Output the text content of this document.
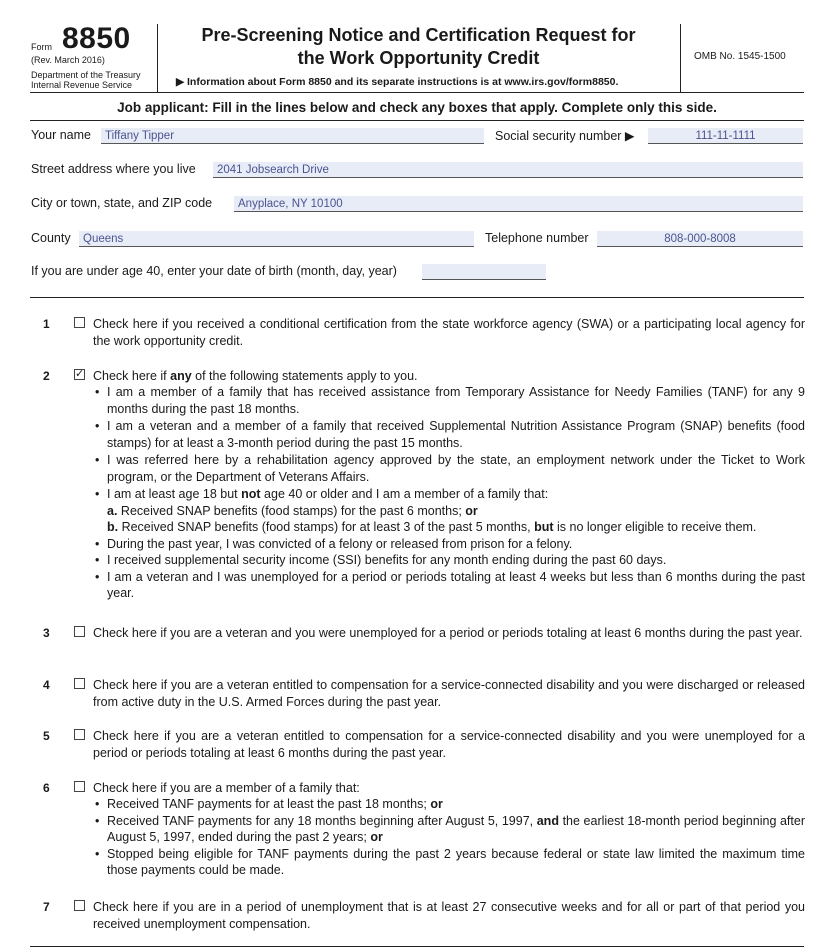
Form 8850
(Rev. March 2016)
Department of the Treasury
Internal Revenue Service
Pre-Screening Notice and Certification Request for
the Work Opportunity Credit
▶ Information about Form 8850 and its separate instructions is at www.irs.gov/form8850.
OMB No. 1545-1500
Job applicant: Fill in the lines below and check any boxes that apply. Complete only this side.
Your name	Tiffany Tipper	Social security number ▶	111-11-1111
Street address where you live	2041 Jobsearch Drive
City or town, state, and ZIP code	Anyplace, NY 10100
County	Queens	Telephone number	808-000-8008
If you are under age 40, enter your date of birth (month, day, year)
1	Check here if you received a conditional certification from the state workforce agency (SWA) or a participating local agency for the work opportunity credit.
2 ✓ Check here if any of the following statements apply to you.
• I am a member of a family that has received assistance from Temporary Assistance for Needy Families (TANF) for any 9 months during the past 18 months.
• I am a veteran and a member of a family that received Supplemental Nutrition Assistance Program (SNAP) benefits (food stamps) for at least a 3-month period during the past 15 months.
• I was referred here by a rehabilitation agency approved by the state, an employment network under the Ticket to Work program, or the Department of Veterans Affairs.
• I am at least age 18 but not age 40 or older and I am a member of a family that:
a. Received SNAP benefits (food stamps) for the past 6 months; or
b. Received SNAP benefits (food stamps) for at least 3 of the past 5 months, but is no longer eligible to receive them.
• During the past year, I was convicted of a felony or released from prison for a felony.
• I received supplemental security income (SSI) benefits for any month ending during the past 60 days.
• I am a veteran and I was unemployed for a period or periods totaling at least 4 weeks but less than 6 months during the past year.
3	Check here if you are a veteran and you were unemployed for a period or periods totaling at least 6 months during the past year.
4	Check here if you are a veteran entitled to compensation for a service-connected disability and you were discharged or released from active duty in the U.S. Armed Forces during the past year.
5	Check here if you are a veteran entitled to compensation for a service-connected disability and you were unemployed for a period or periods totaling at least 6 months during the past year.
6	Check here if you are a member of a family that:
• Received TANF payments for at least the past 18 months; or
• Received TANF payments for any 18 months beginning after August 5, 1997, and the earliest 18-month period beginning after August 5, 1997, ended during the past 2 years; or
• Stopped being eligible for TANF payments during the past 2 years because federal or state law limited the maximum time those payments could be made.
7	Check here if you are in a period of unemployment that is at least 27 consecutive weeks and for all or part of that period you received unemployment compensation.
